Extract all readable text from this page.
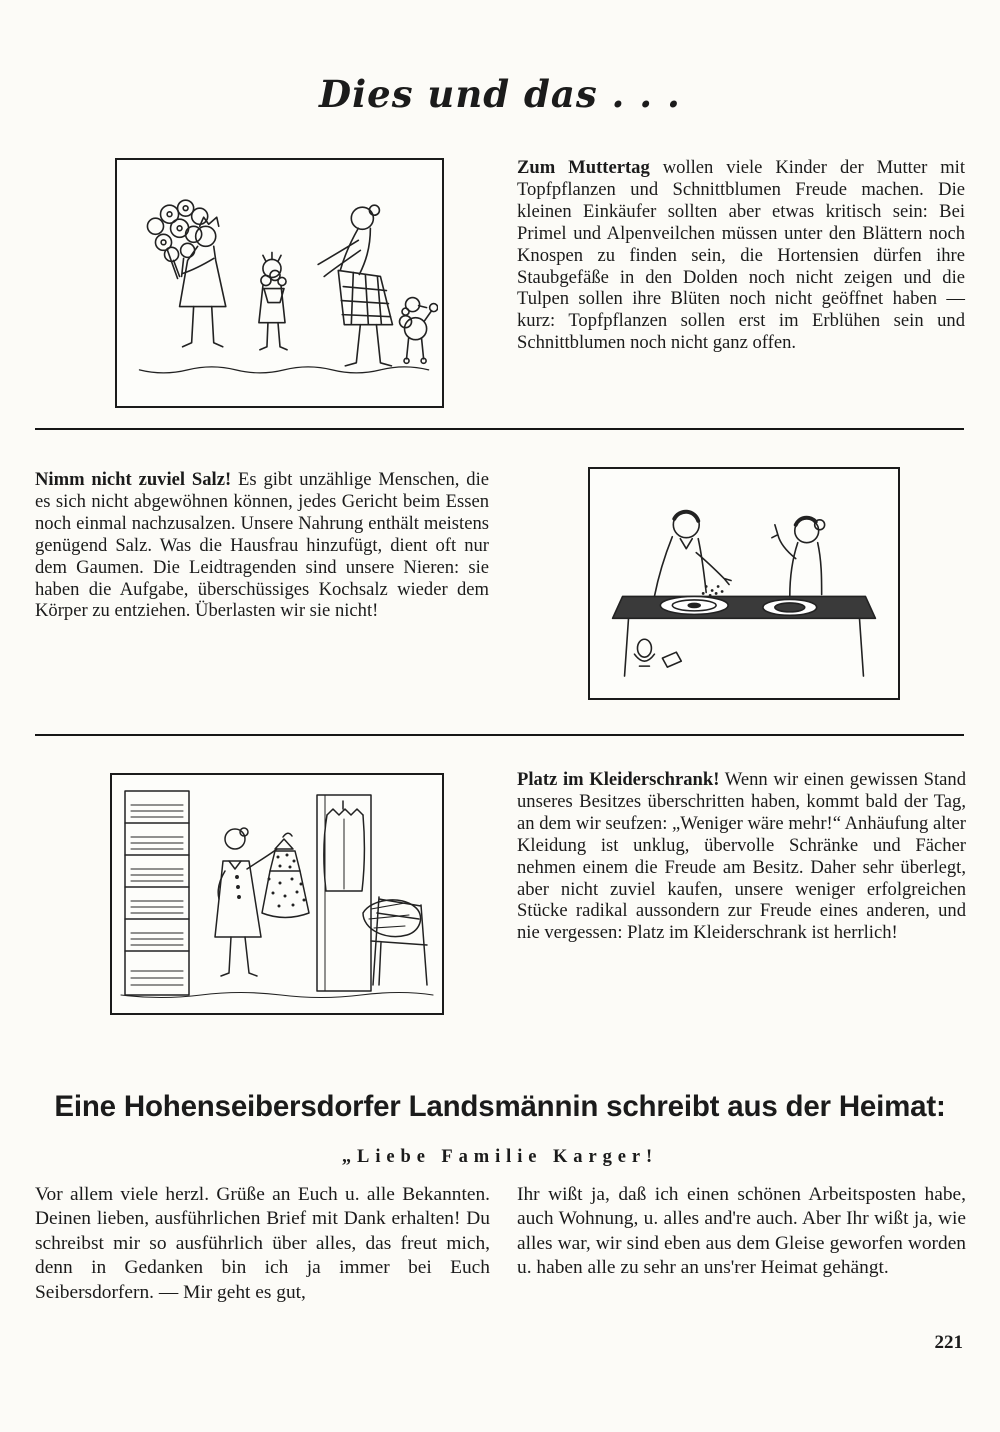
Dies und das . . .

Zum Muttertag wollen viele Kinder der Mutter mit Topfpflanzen und Schnittblumen Freude machen. Die kleinen Einkäufer sollten aber etwas kritisch sein: Bei Primel und Alpenveilchen müssen unter den Blättern noch Knospen zu finden sein, die Hortensien dürfen ihre Staubgefäße in den Dolden noch nicht zeigen und die Tulpen sollen ihre Blüten noch nicht geöffnet haben — kurz: Topfpflanzen sollen erst im Erblühen sein und Schnittblumen noch nicht ganz offen.

Nimm nicht zuviel Salz! Es gibt unzählige Menschen, die es sich nicht abgewöhnen können, jedes Gericht beim Essen noch einmal nachzusalzen. Unsere Nahrung enthält meistens genügend Salz. Was die Hausfrau hinzufügt, dient oft nur dem Gaumen. Die Leidtragenden sind unsere Nieren: sie haben die Aufgabe, überschüssiges Kochsalz wieder dem Körper zu entziehen. Überlasten wir sie nicht!

Platz im Kleiderschrank! Wenn wir einen gewissen Stand unseres Besitzes überschritten haben, kommt bald der Tag, an dem wir seufzen: „Weniger wäre mehr!“ Anhäufung alter Kleidung ist unklug, übervolle Schränke und Fächer nehmen einem die Freude am Besitz. Daher sehr überlegt, aber nicht zuviel kaufen, unsere weniger erfolgreichen Stücke radikal aussondern zur Freude eines anderen, und nie vergessen: Platz im Kleiderschrank ist herrlich!

Eine Hohenseibersdorfer Landsmännin schreibt aus der Heimat:
„Liebe Familie Karger!

Vor allem viele herzl. Grüße an Euch u. alle Bekannten. Deinen lieben, ausführlichen Brief mit Dank erhalten! Du schreibst mir so ausführlich über alles, das freut mich, denn in Gedanken bin ich ja immer bei Euch Seibersdorfern. — Mir geht es gut,

Ihr wißt ja, daß ich einen schönen Arbeitsposten habe, auch Wohnung, u. alles and're auch. Aber Ihr wißt ja, wie alles war, wir sind eben aus dem Gleise geworfen worden u. haben alle zu sehr an uns'rer Heimat gehängt.

221
